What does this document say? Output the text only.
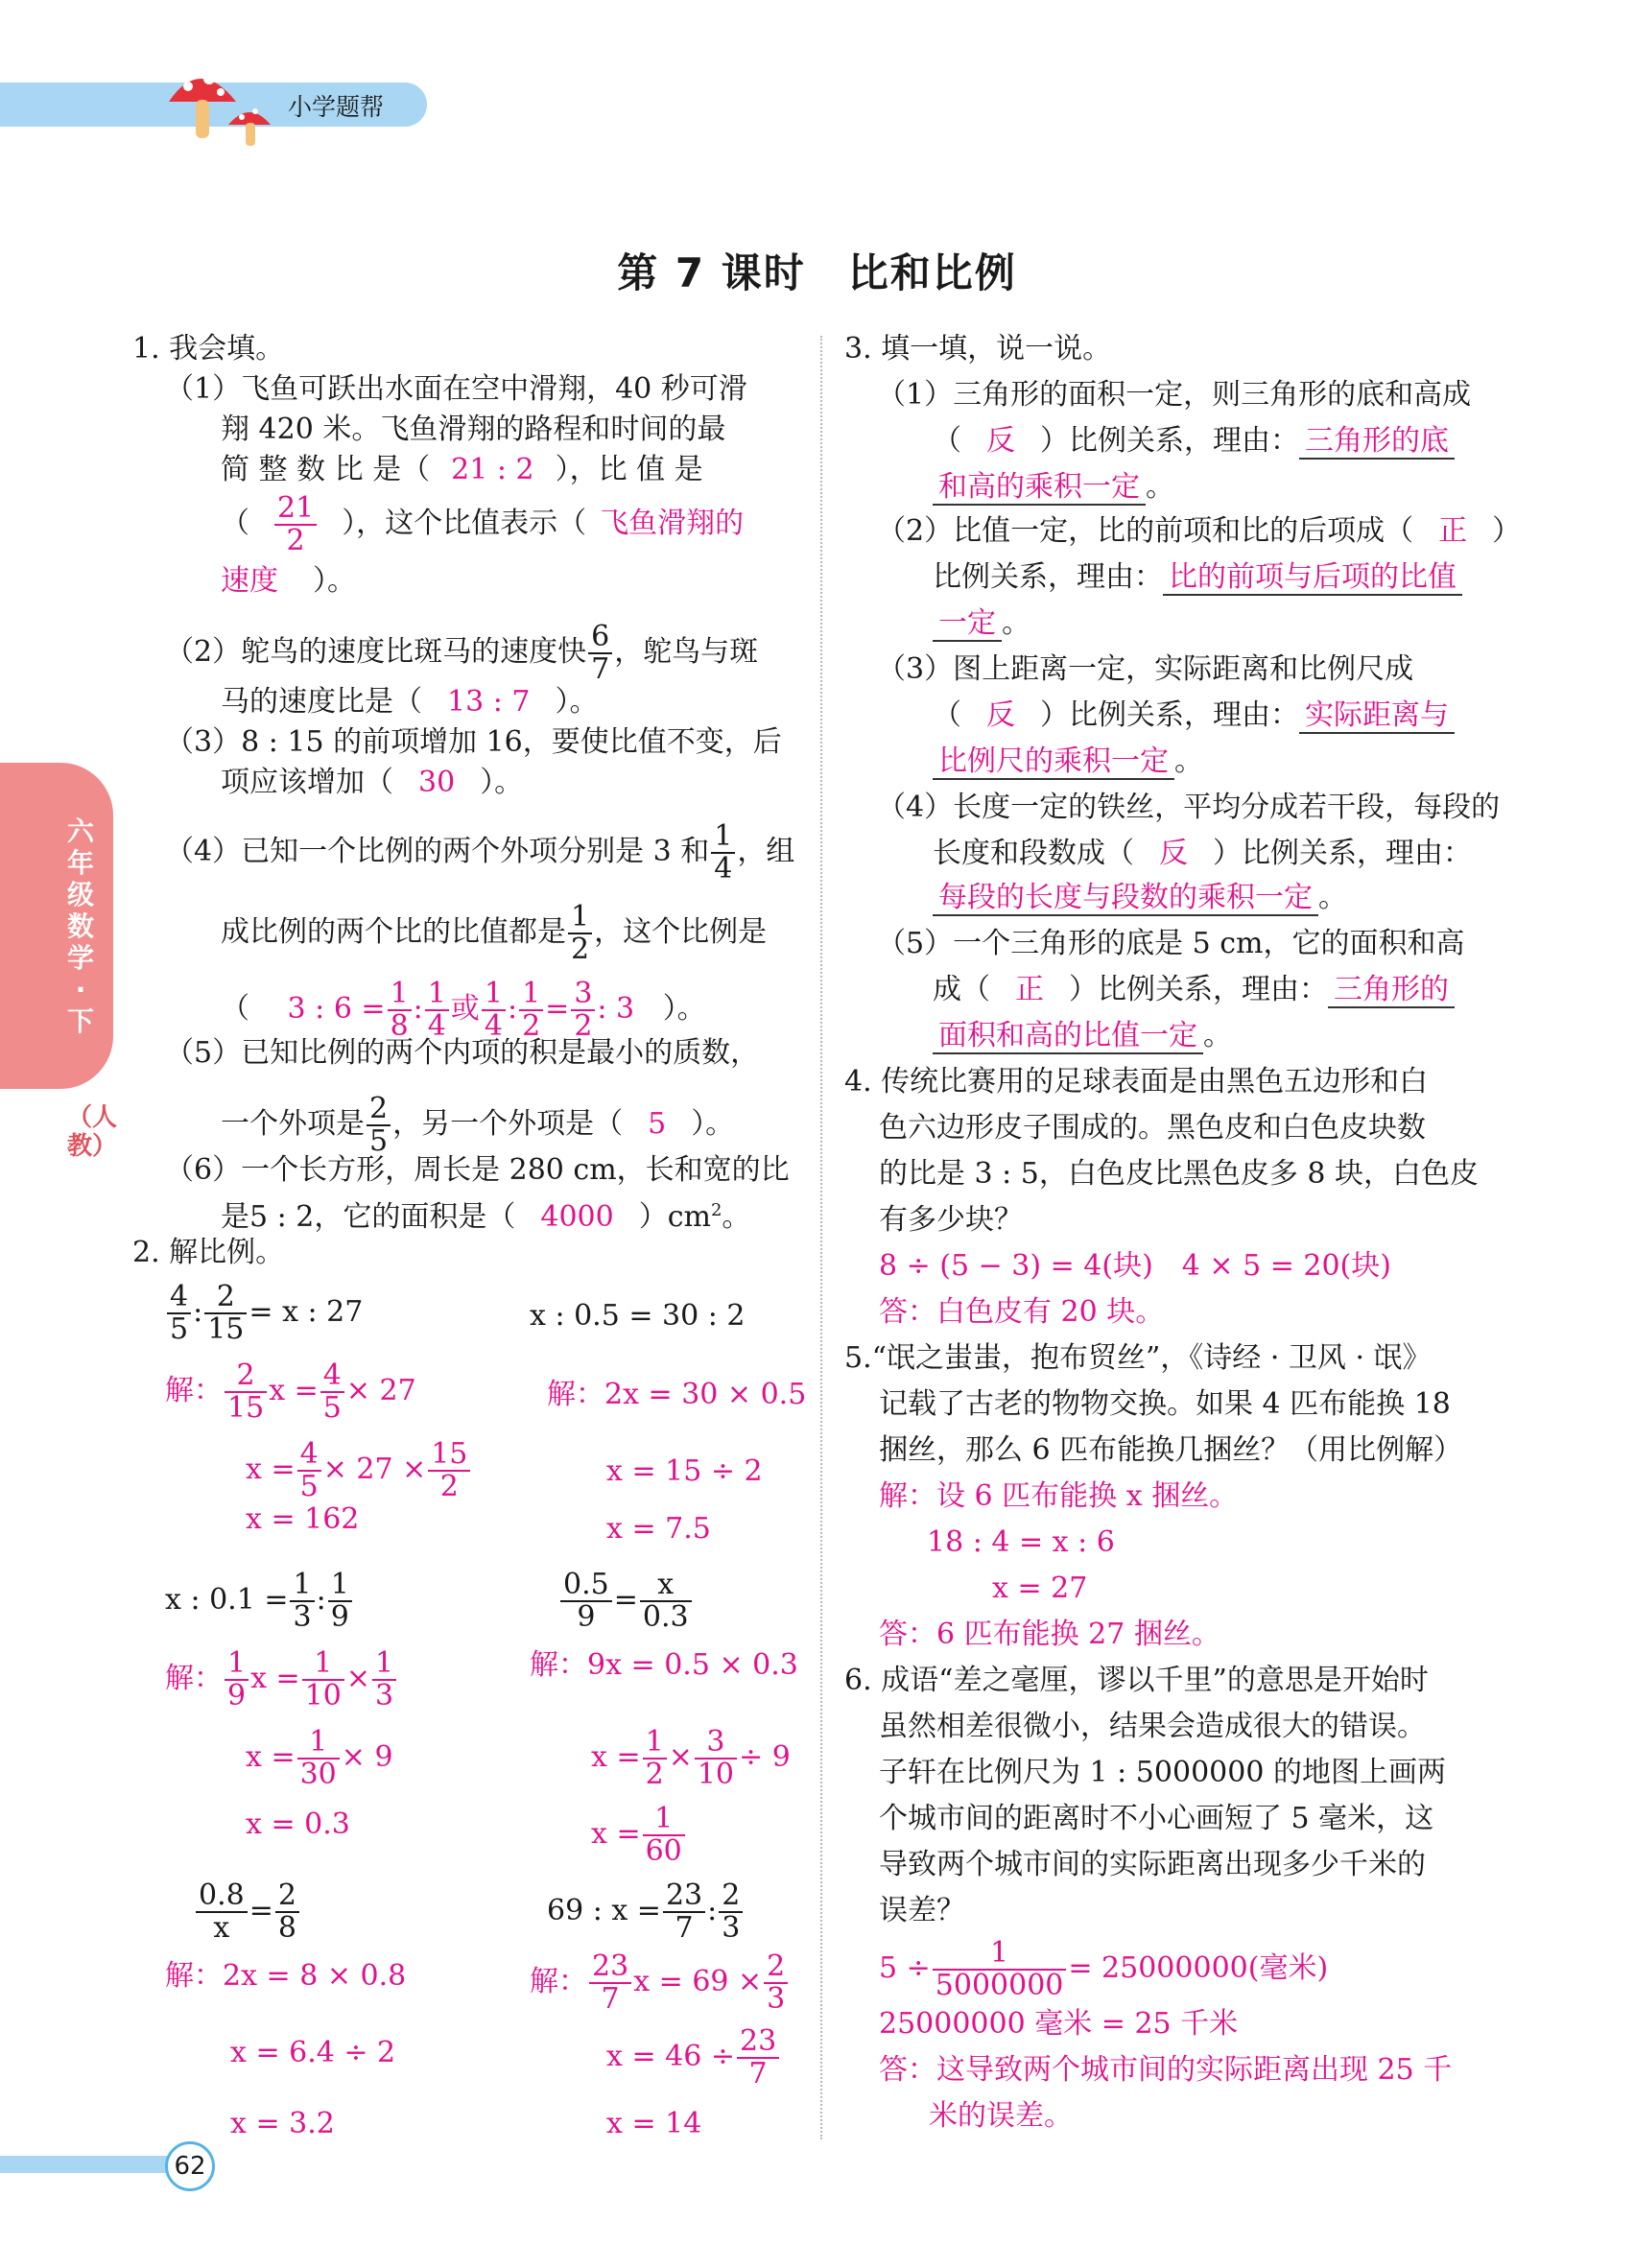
小学题帮
六年级数学·下
（人教）
62
第 7 课时　比和比例
1. 我会填。
（1）飞鱼可跃出水面在空中滑翔，40 秒可滑
翔 420 米。飞鱼滑翔的路程和时间的最
简 整 数 比 是（ 21 : 2 ），比 值 是
（ $\frac{21}{2}$ ），这个比值表示（ 飞鱼滑翔的
速度 ）。
（2）鸵鸟的速度比斑马的速度快 $\frac{6}{7}$ ，鸵鸟与斑
马的速度比是（ 13 : 7 ）。
（3）8 : 15 的前项增加 16，要使比值不变，后
项应该增加（ 30 ）。
（4）已知一个比例的两个外项分别是 3 和 $\frac{1}{4}$ ，组
成比例的两个比的比值都是 $\frac{1}{2}$ ，这个比例是
（ 3 : $6 = \frac{1}{8}$ : $\frac{1}{4}$ 或 $\frac{1}{4}$ : $\frac{1}{2} = \frac{3}{2}$ : 3 ）。
（5）已知比例的两个内项的积是最小的质数，
一个外项是 $\frac{2}{5}$ ，另一个外项是（ 5 ）。
（6）一个长方形，周长是 280 cm，长和宽的比
是5 : 2，它的面积是（ 4000 ）$cm^2$。
2. 解比例。
$\frac{4}{5}$ : $\frac{2}{15} = x$ : 27
解： $\frac{2}{15}$ $x = \frac{4}{5} \times 27$
$x = \frac{4}{5} \times 27 \times \frac{15}{2}$
x = 162
x : 0.5 = 30 : 2
解：2x = 30 × 0.5
x = 15 ÷ 2
x = 7.5
x : $0.1 = \frac{1}{3}$ : $\frac{1}{9}$
解： $\frac{1}{9}$ $x = \frac{1}{10} \times \frac{1}{3}$
$x = \frac{1}{30} \times 9$
x = 0.3
$\frac{0.5}{9} = \frac{x}{0.3}$
解：9x = 0.5 × 0.3
$x = \frac{1}{2} \times \frac{3}{10} \div 9$
$x = \frac{1}{60}$
$\frac{0.8}{x} = \frac{2}{8}$
解：2x = 8 × 0.8
x = 6.4 ÷ 2
x = 3.2
69 : $x = \frac{23}{7}$ : $\frac{2}{3}$
解： $\frac{23}{7}$ $x = 69 \times \frac{2}{3}$
$x = 46 \div \frac{23}{7}$
x = 14
3. 填一填，说一说。
（1）三角形的面积一定，则三角形的底和高成
（ 反 ）比例关系，理由： 三角形的底
和高的乘积一定 。
（2）比值一定，比的前项和比的后项成（ 正 ）
比例关系，理由： 比的前项与后项的比值
一定 。
（3）图上距离一定，实际距离和比例尺成
（ 反 ）比例关系，理由： 实际距离与
比例尺的乘积一定 。
（4）长度一定的铁丝，平均分成若干段，每段的
长度和段数成（ 反 ）比例关系，理由：
每段的长度与段数的乘积一定 。
（5）一个三角形的底是 5 cm，它的面积和高
成（ 正 ）比例关系，理由： 三角形的
面积和高的比值一定 。
4. 传统比赛用的足球表面是由黑色五边形和白
色六边形皮子围成的。黑色皮和白色皮块数
的比是 3 : 5，白色皮比黑色皮多 8 块，白色皮
有多少块？
8 ÷ (5 − 3) = 4(块)　4 × 5 = 20(块)
答：白色皮有 20 块。
5.“氓之蚩蚩，抱布贸丝”，《诗经 · 卫风 · 氓》
记载了古老的物物交换。如果 4 匹布能换 18
捆丝，那么 6 匹布能换几捆丝？（用比例解）
解：设 6 匹布能换 x 捆丝。
18 : 4 = x : 6
x = 27
答：6 匹布能换 27 捆丝。
6. 成语“差之毫厘，谬以千里”的意思是开始时
虽然相差很微小，结果会造成很大的错误。
子轩在比例尺为 1 : 5000000 的地图上画两
个城市间的距离时不小心画短了 5 毫米，这
导致两个城市间的实际距离出现多少千米的
误差？
$5 \div \frac{1}{5000000} = 25000000$(毫米)
25000000 毫米 = 25 千米
答：这导致两个城市间的实际距离出现 25 千
米的误差。
